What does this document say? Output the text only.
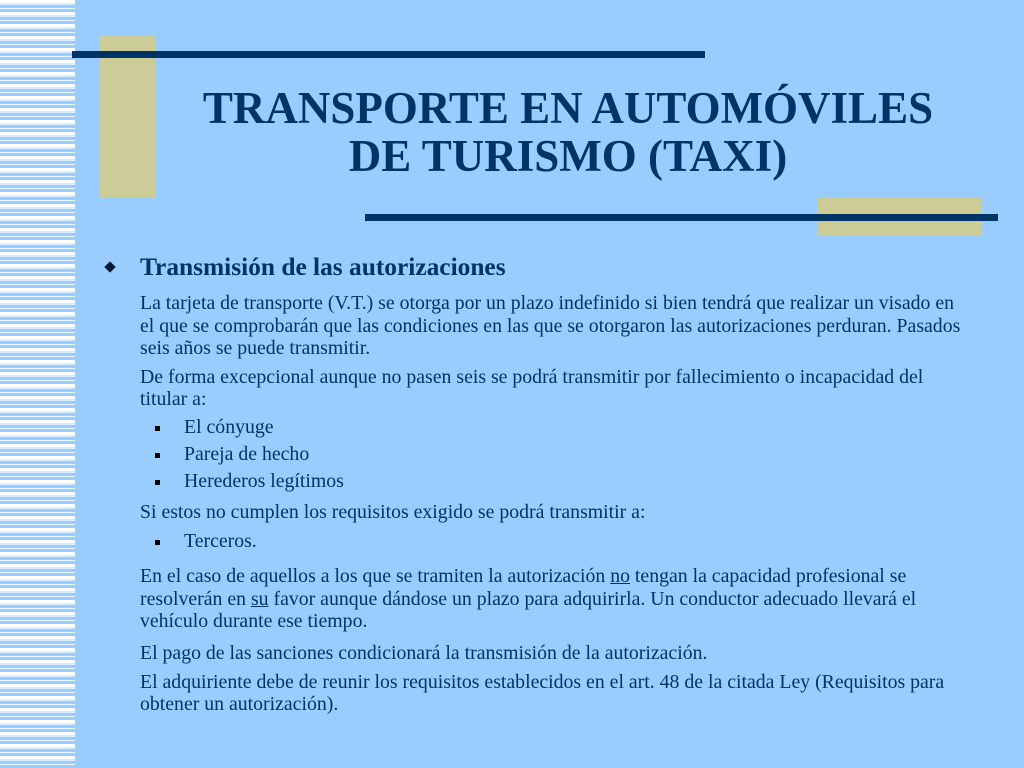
TRANSPORTE EN AUTOMÓVILES
DE TURISMO (TAXI)
Transmisión de las autorizaciones
La tarjeta de transporte (V.T.) se otorga por un plazo indefinido si bien tendrá que realizar un visado en
el que se comprobarán que las condiciones en las que se otorgaron las autorizaciones perduran. Pasados
seis años se puede transmitir.
De forma excepcional aunque no pasen seis se podrá transmitir por fallecimiento o incapacidad del
titular a:
El cónyuge
Pareja de hecho
Herederos legítimos
Si estos no cumplen los requisitos exigido se podrá transmitir a:
Terceros.
En el caso de aquellos a los que se tramiten la autorización no tengan la capacidad profesional se
resolverán en su favor aunque dándose un plazo para adquirirla. Un conductor adecuado llevará el
vehículo durante ese tiempo.
El pago de las sanciones condicionará la transmisión de la autorización.
El adquiriente debe de reunir los requisitos establecidos en el art. 48 de la citada Ley (Requisitos para
obtener un autorización).
